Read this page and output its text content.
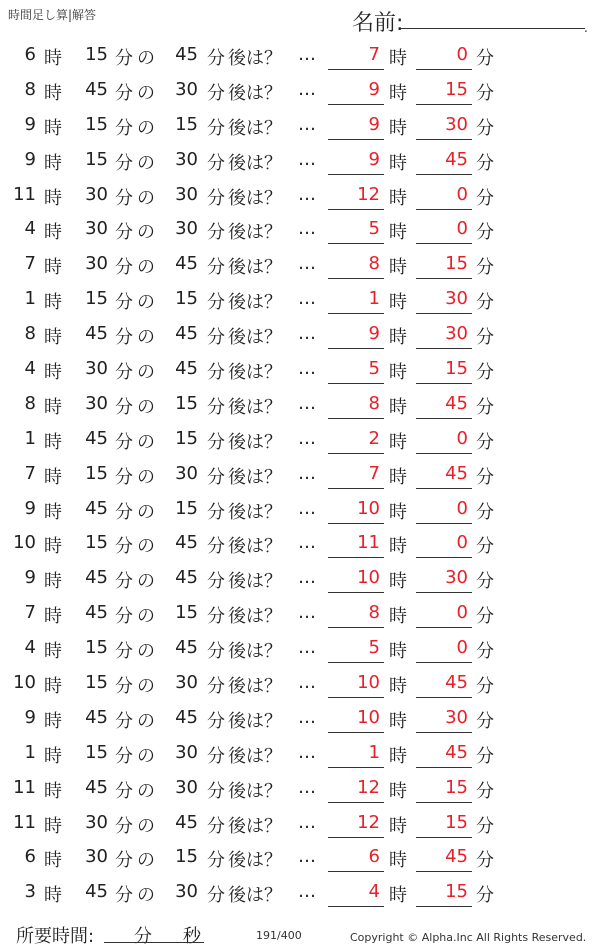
時間足し算|解答	名前:	.
6 時	15 分 の	45 分 後は？ …	7 時	0 分
8 時	45 分 の	30 分 後は？ …	9 時	15 分
9 時	15 分 の	15 分 後は？ …	9 時	30 分
9 時	15 分 の	30 分 後は？ …	9 時	45 分
11 時	30 分 の	30 分 後は？ …	12 時	0 分
4 時	30 分 の	30 分 後は？ …	5 時	0 分
7 時	30 分 の	45 分 後は？ …	8 時	15 分
1 時	15 分 の	15 分 後は？ …	1 時	30 分
8 時	45 分 の	45 分 後は？ …	9 時	30 分
4 時	30 分 の	45 分 後は？ …	5 時	15 分
8 時	30 分 の	15 分 後は？ …	8 時	45 分
1 時	45 分 の	15 分 後は？ …	2 時	0 分
7 時	15 分 の	30 分 後は？ …	7 時	45 分
9 時	45 分 の	15 分 後は？ …	10 時	0 分
10 時	15 分 の	45 分 後は？ …	11 時	0 分
9 時	45 分 の	45 分 後は？ …	10 時	30 分
7 時	45 分 の	15 分 後は？ …	8 時	0 分
4 時	15 分 の	45 分 後は？ …	5 時	0 分
10 時	15 分 の	30 分 後は？ …	10 時	45 分
9 時	45 分 の	45 分 後は？ …	10 時	30 分
1 時	15 分 の	30 分 後は？ …	1 時	45 分
11 時	45 分 の	30 分 後は？ …	12 時	15 分
11 時	30 分 の	45 分 後は？ …	12 時	15 分
6 時	30 分 の	15 分 後は？ …	6 時	45 分
3 時	45 分 の	30 分 後は？ …	4 時	15 分
所要時間: 分 秒	191/400	Copyright © Alpha.Inc All Rights Reserved.
